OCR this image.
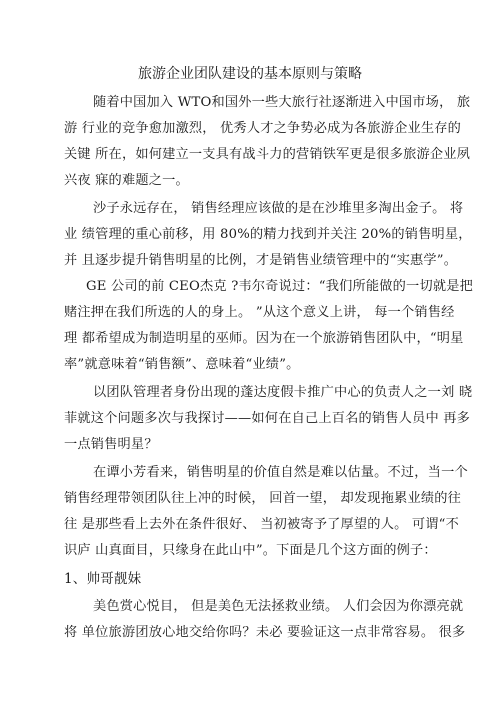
旅游企业团队建设的基本原则与策略
随着中国加入 WTO和国外一些大旅行社逐渐进入中国市场， 旅
游 行业的竞争愈加激烈， 优秀人才之争势必成为各旅游企业生存的
关键 所在，如何建立一支具有战斗力的营销铁军更是很多旅游企业夙
兴夜 寐的难题之一。
沙子永远存在， 销售经理应该做的是在沙堆里多淘出金子。 将
业 绩管理的重心前移，用 80%的精力找到并关注 20%的销售明星，
并 且逐步提升销售明星的比例，才是销售业绩管理中的“实惠学”。
GE 公司的前 CEO杰克 ?韦尔奇说过：“我们所能做的一切就是把
赌注押在我们所选的人的身上。 ”从这个意义上讲， 每一个销售经
理 都希望成为制造明星的巫师。因为在一个旅游销售团队中，“明星
率”就意味着“销售额”、意味着“业绩”。
以团队管理者身份出现的蓬达度假卡推广中心的负责人之一刘 晓
菲就这个问题多次与我探讨——如何在自己上百名的销售人员中 再多
一点销售明星？
在谭小芳看来，销售明星的价值自然是难以估量。不过，当一个
销售经理带领团队往上冲的时候， 回首一望， 却发现拖累业绩的往
往 是那些看上去外在条件很好、 当初被寄予了厚望的人。 可谓“不
识庐 山真面目，只缘身在此山中”。下面是几个这方面的例子：
1、帅哥靓妹
美色赏心悦目， 但是美色无法拯救业绩。 人们会因为你漂亮就
将 单位旅游团放心地交给你吗？未必 要验证这一点非常容易。 很多
